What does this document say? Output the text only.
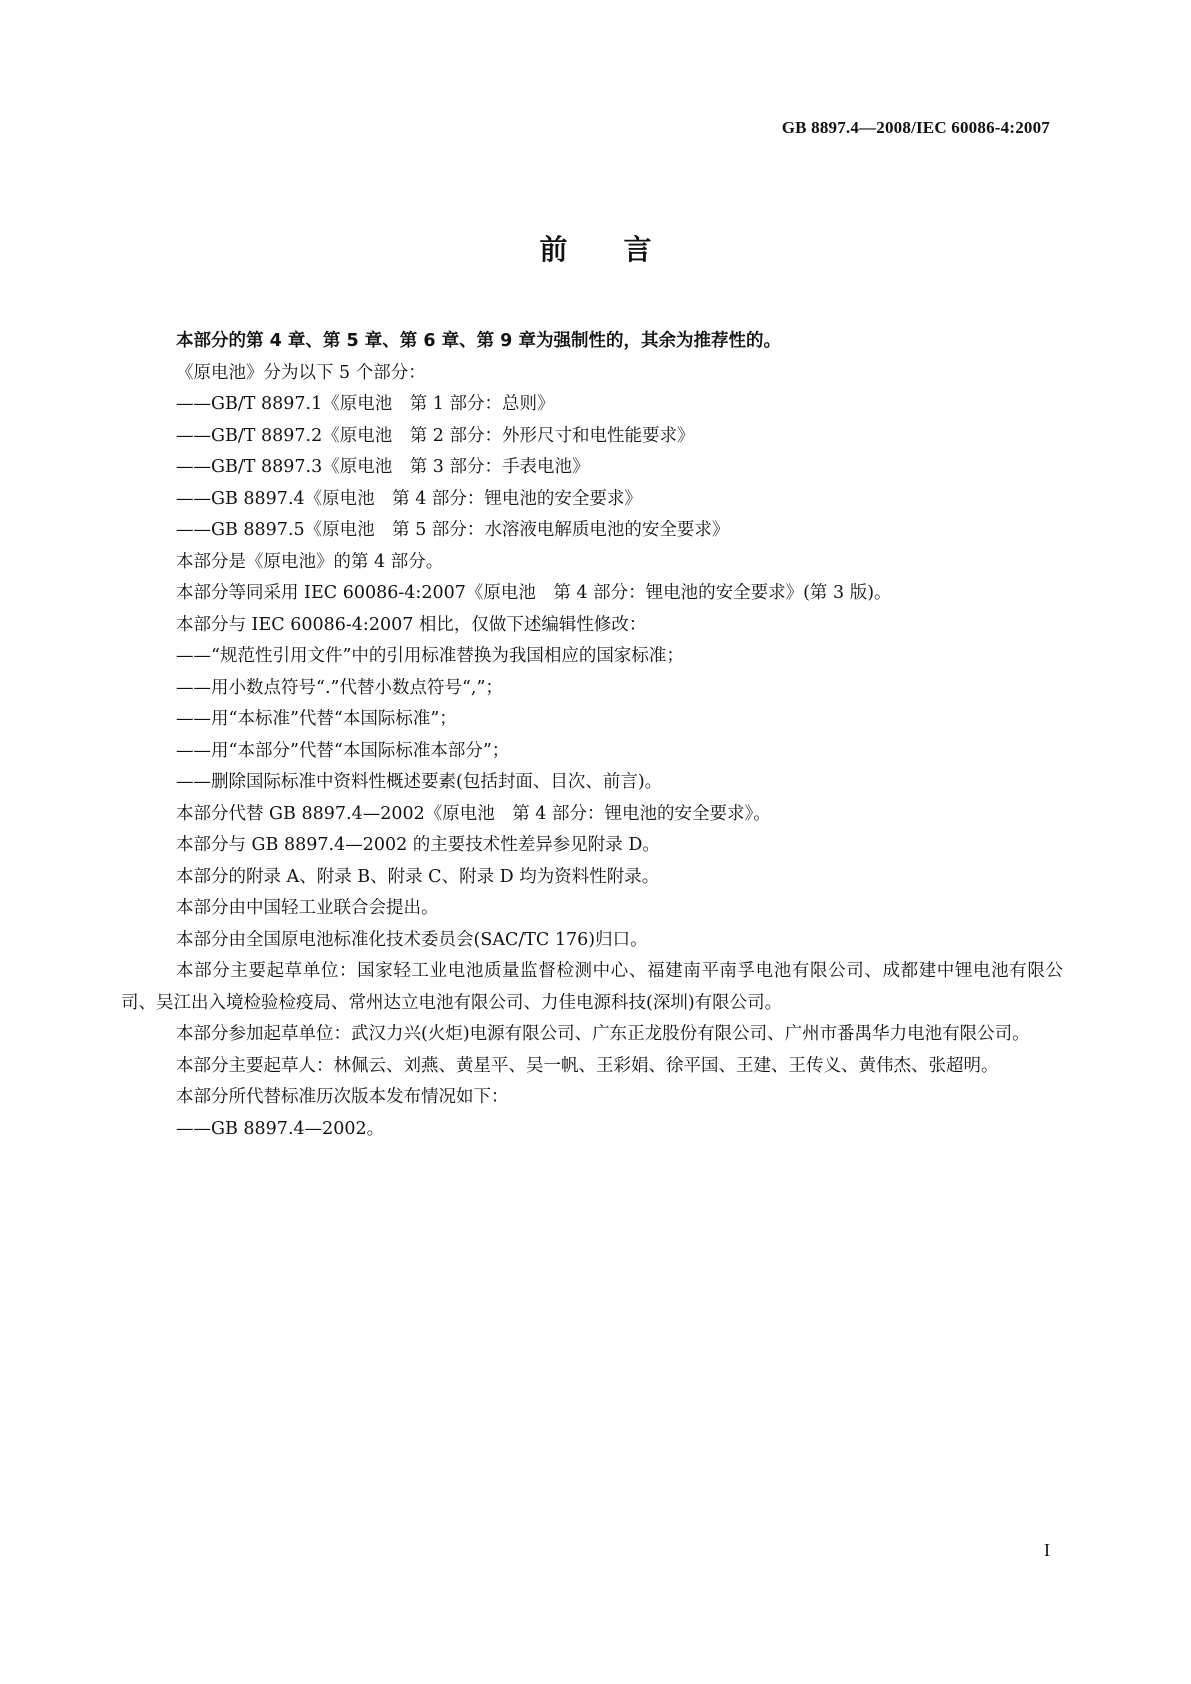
GB 8897.4—2008/IEC 60086-4:2007
前　　言
本部分的第 4 章、第 5 章、第 6 章、第 9 章为强制性的，其余为推荐性的。
《原电池》分为以下 5 个部分：
——GB/T 8897.1《原电池　第 1 部分：总则》
——GB/T 8897.2《原电池　第 2 部分：外形尺寸和电性能要求》
——GB/T 8897.3《原电池　第 3 部分：手表电池》
——GB 8897.4《原电池　第 4 部分：锂电池的安全要求》
——GB 8897.5《原电池　第 5 部分：水溶液电解质电池的安全要求》
本部分是《原电池》的第 4 部分。
本部分等同采用 IEC 60086-4:2007《原电池　第 4 部分：锂电池的安全要求》(第 3 版)。
本部分与 IEC 60086-4:2007 相比，仅做下述编辑性修改：
——“规范性引用文件”中的引用标准替换为我国相应的国家标准；
——用小数点符号“.”代替小数点符号“,”；
——用“本标准”代替“本国际标准”；
——用“本部分”代替“本国际标准本部分”；
——删除国际标准中资料性概述要素(包括封面、目次、前言)。
本部分代替 GB 8897.4—2002《原电池　第 4 部分：锂电池的安全要求》。
本部分与 GB 8897.4—2002 的主要技术性差异参见附录 D。
本部分的附录 A、附录 B、附录 C、附录 D 均为资料性附录。
本部分由中国轻工业联合会提出。
本部分由全国原电池标准化技术委员会(SAC/TC 176)归口。
本部分主要起草单位：国家轻工业电池质量监督检测中心、福建南平南孚电池有限公司、成都建中锂电池有限公司、吴江出入境检验检疫局、常州达立电池有限公司、力佳电源科技(深圳)有限公司。
本部分参加起草单位：武汉力兴(火炬)电源有限公司、广东正龙股份有限公司、广州市番禺华力电池有限公司。
本部分主要起草人：林佩云、刘燕、黄星平、吴一帆、王彩娟、徐平国、王建、王传义、黄伟杰、张超明。
本部分所代替标准历次版本发布情况如下：
——GB 8897.4—2002。
I
